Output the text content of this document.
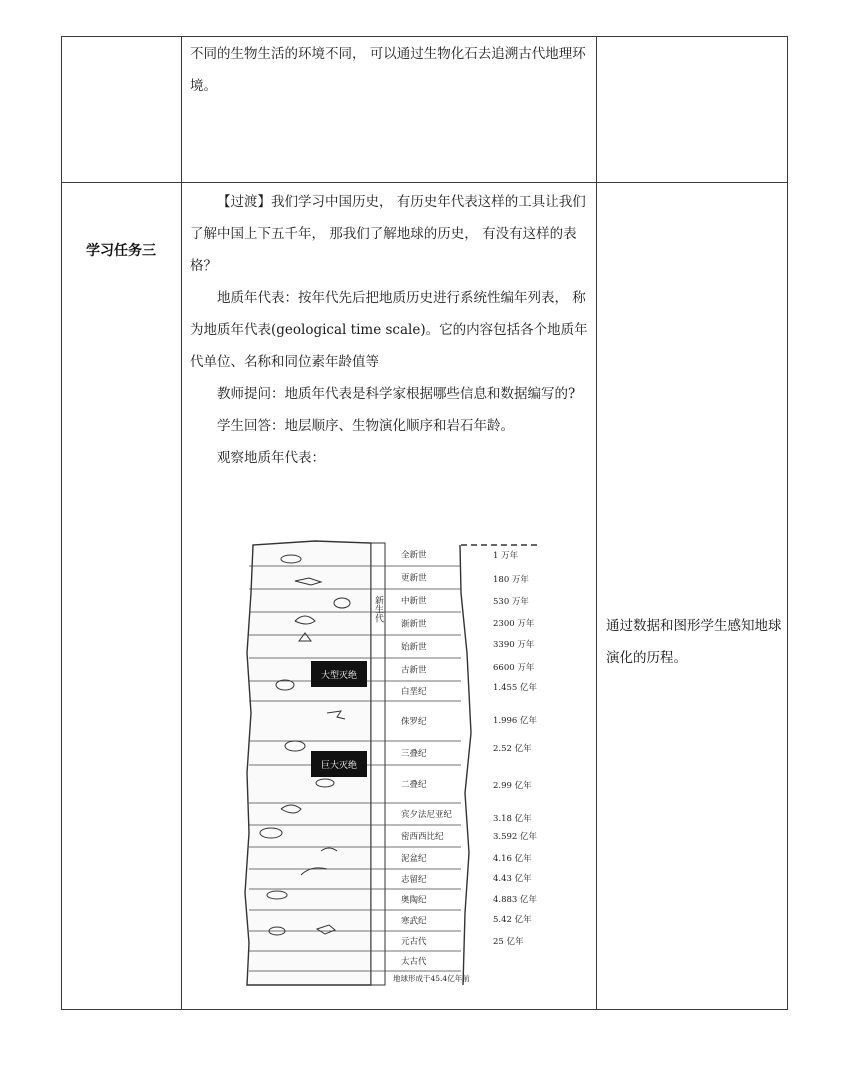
不同的生物生活的环境不同， 可以通过生物化石去追溯古代地理环境。

学习任务三

【过渡】我们学习中国历史， 有历史年代表这样的工具让我们了解中国上下五千年， 那我们了解地球的历史， 有没有这样的表格？

地质年代表：按年代先后把地质历史进行系统性编年列表， 称为地质年代表(geological time scale)。它的内容包括各个地质年代单位、名称和同位素年龄值等

教师提问：地质年代表是科学家根据哪些信息和数据编写的?

学生回答：地层顺序、生物演化顺序和岩石年龄。

观察地质年代表：

新生代
全新世
更新世
中新世
渐新世
始新世
古新世
白垩纪
侏罗纪
三叠纪
二叠纪
宾夕法尼亚纪
密西西比纪
泥盆纪
志留纪
奥陶纪
寒武纪
元古代
太古代
地球形成于45.4亿年前
1 万年
180 万年
530 万年
2300 万年
3390 万年
6600 万年
1.455 亿年
1.996 亿年
2.52 亿年
2.99 亿年
3.18 亿年
3.592 亿年
4.16 亿年
4.43 亿年
4.883 亿年
5.42 亿年
25 亿年
大型灭绝
巨大灭绝
通过数据和图形学生感知地球演化的历程。
